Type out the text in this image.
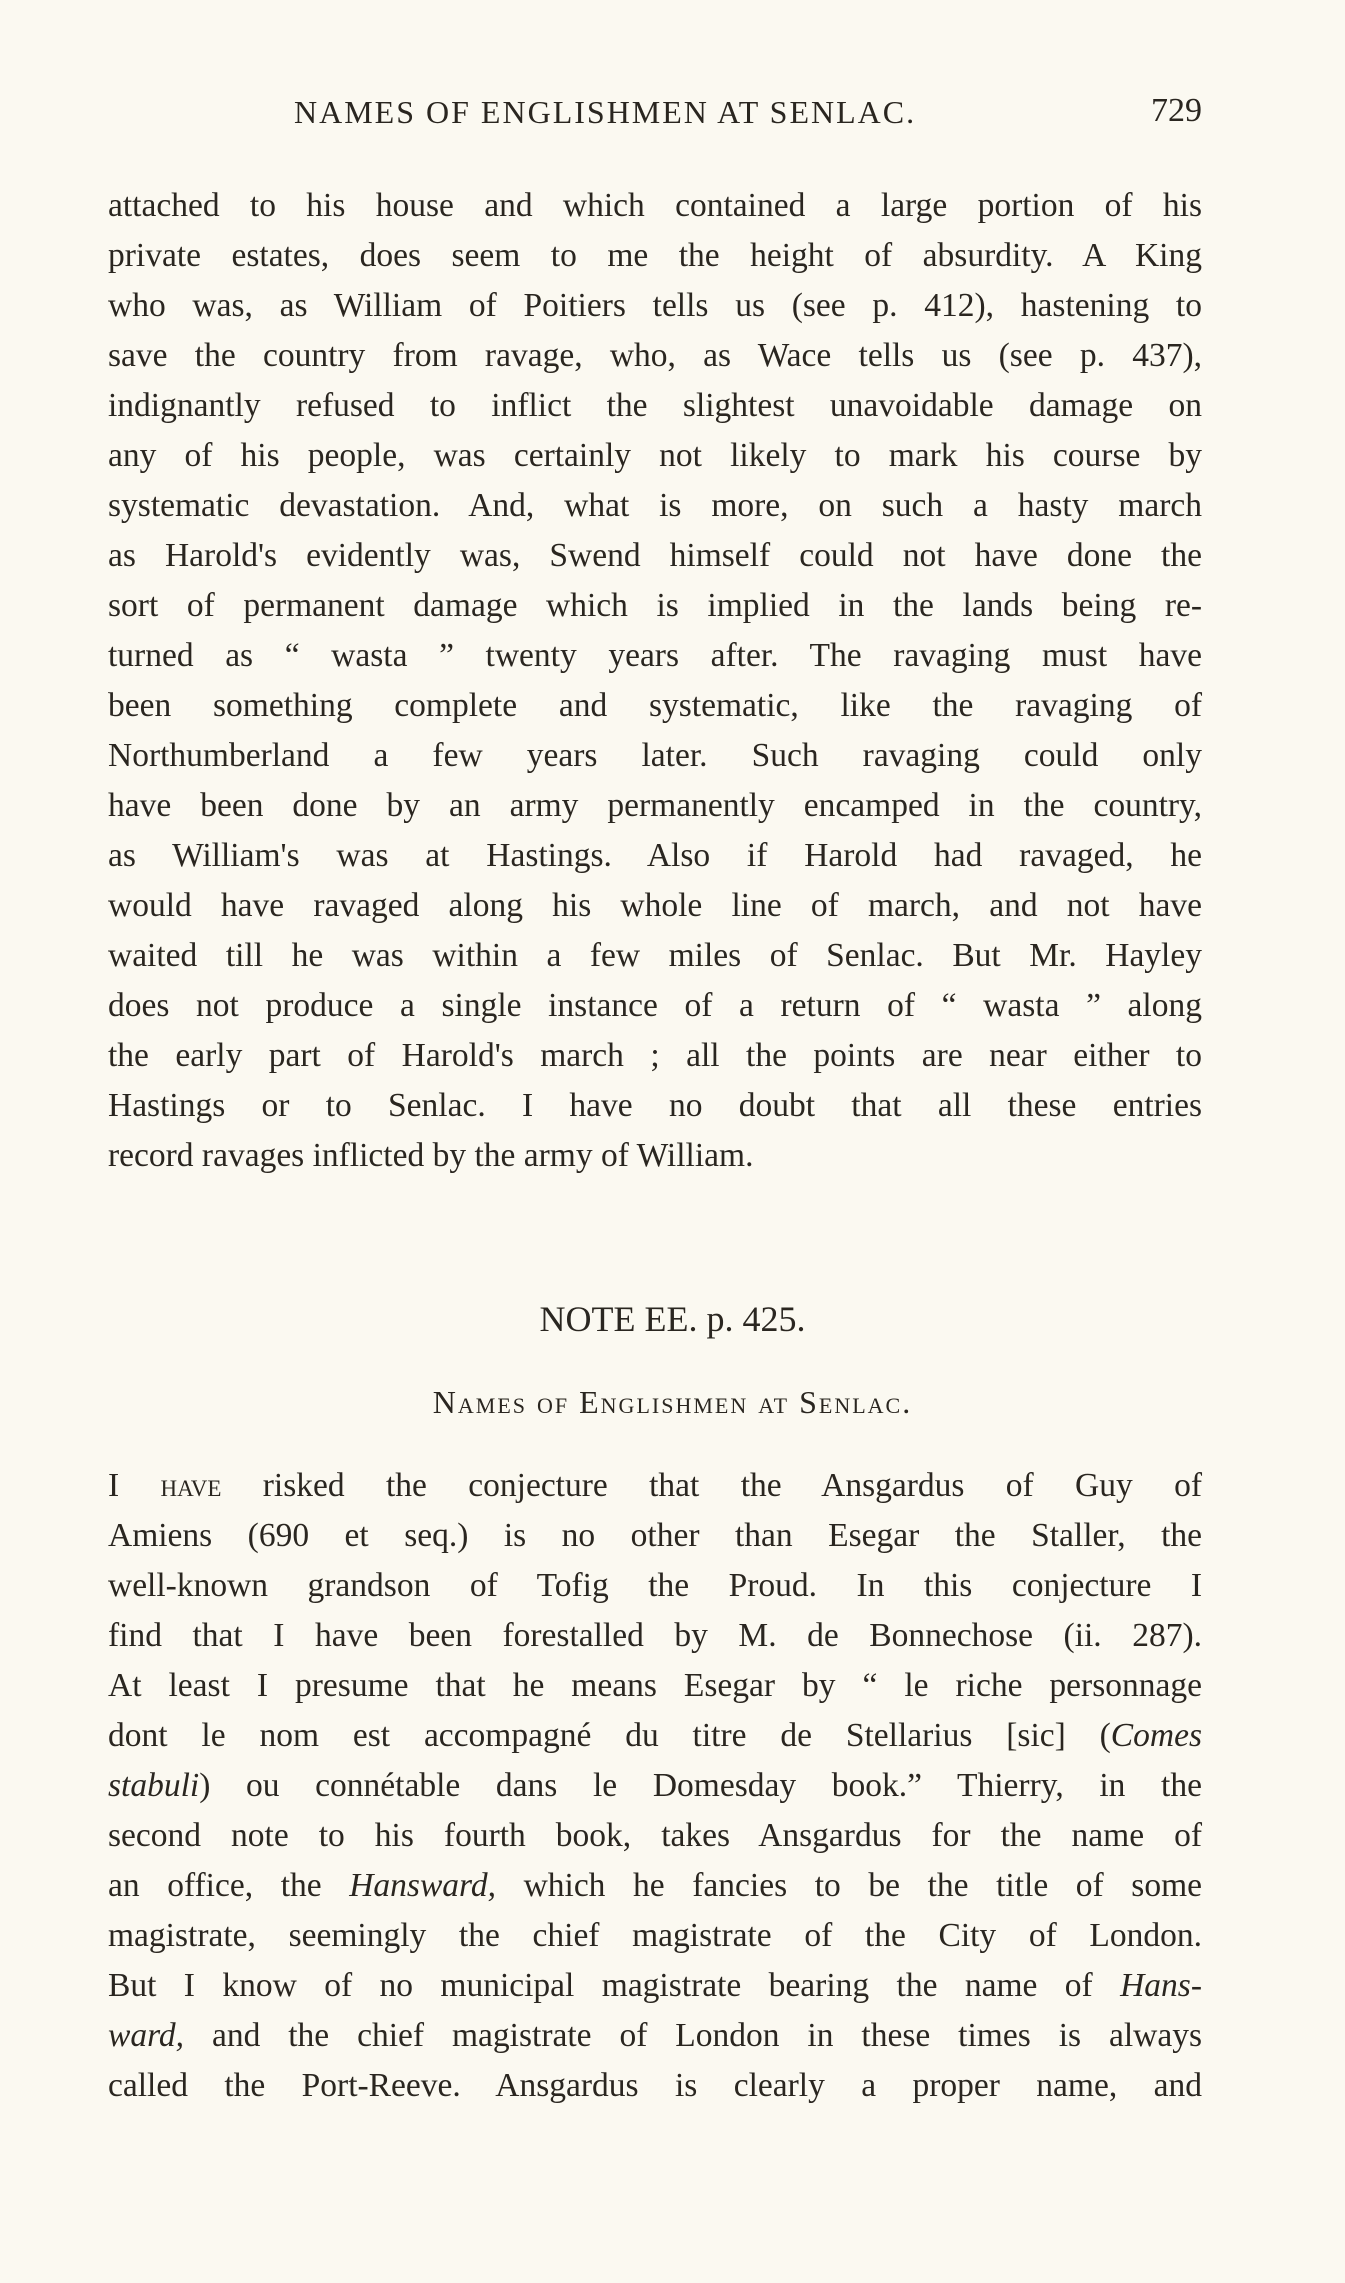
NAMES OF ENGLISHMEN AT SENLAC.	729
attached to his house and which contained a large portion of his
private estates, does seem to me the height of absurdity. A King
who was, as William of Poitiers tells us (see p. 412), hastening to
save the country from ravage, who, as Wace tells us (see p. 437),
indignantly refused to inflict the slightest unavoidable damage on
any of his people, was certainly not likely to mark his course by
systematic devastation. And, what is more, on such a hasty march
as Harold's evidently was, Swend himself could not have done the
sort of permanent damage which is implied in the lands being re-
turned as “ wasta ” twenty years after. The ravaging must have
been something complete and systematic, like the ravaging of
Northumberland a few years later. Such ravaging could only
have been done by an army permanently encamped in the country,
as William's was at Hastings. Also if Harold had ravaged, he
would have ravaged along his whole line of march, and not have
waited till he was within a few miles of Senlac. But Mr. Hayley
does not produce a single instance of a return of “ wasta ” along
the early part of Harold's march ; all the points are near either to
Hastings or to Senlac. I have no doubt that all these entries
record ravages inflicted by the army of William.
NOTE EE. p. 425.
Names of Englishmen at Senlac.
I have risked the conjecture that the Ansgardus of Guy of
Amiens (690 et seq.) is no other than Esegar the Staller, the
well-known grandson of Tofig the Proud. In this conjecture I
find that I have been forestalled by M. de Bonnechose (ii. 287).
At least I presume that he means Esegar by “ le riche personnage
dont le nom est accompagné du titre de Stellarius [sic] (Comes
stabuli) ou connétable dans le Domesday book.” Thierry, in the
second note to his fourth book, takes Ansgardus for the name of
an office, the Hansward, which he fancies to be the title of some
magistrate, seemingly the chief magistrate of the City of London.
But I know of no municipal magistrate bearing the name of Hans-
ward, and the chief magistrate of London in these times is always
called the Port-Reeve. Ansgardus is clearly a proper name, and
